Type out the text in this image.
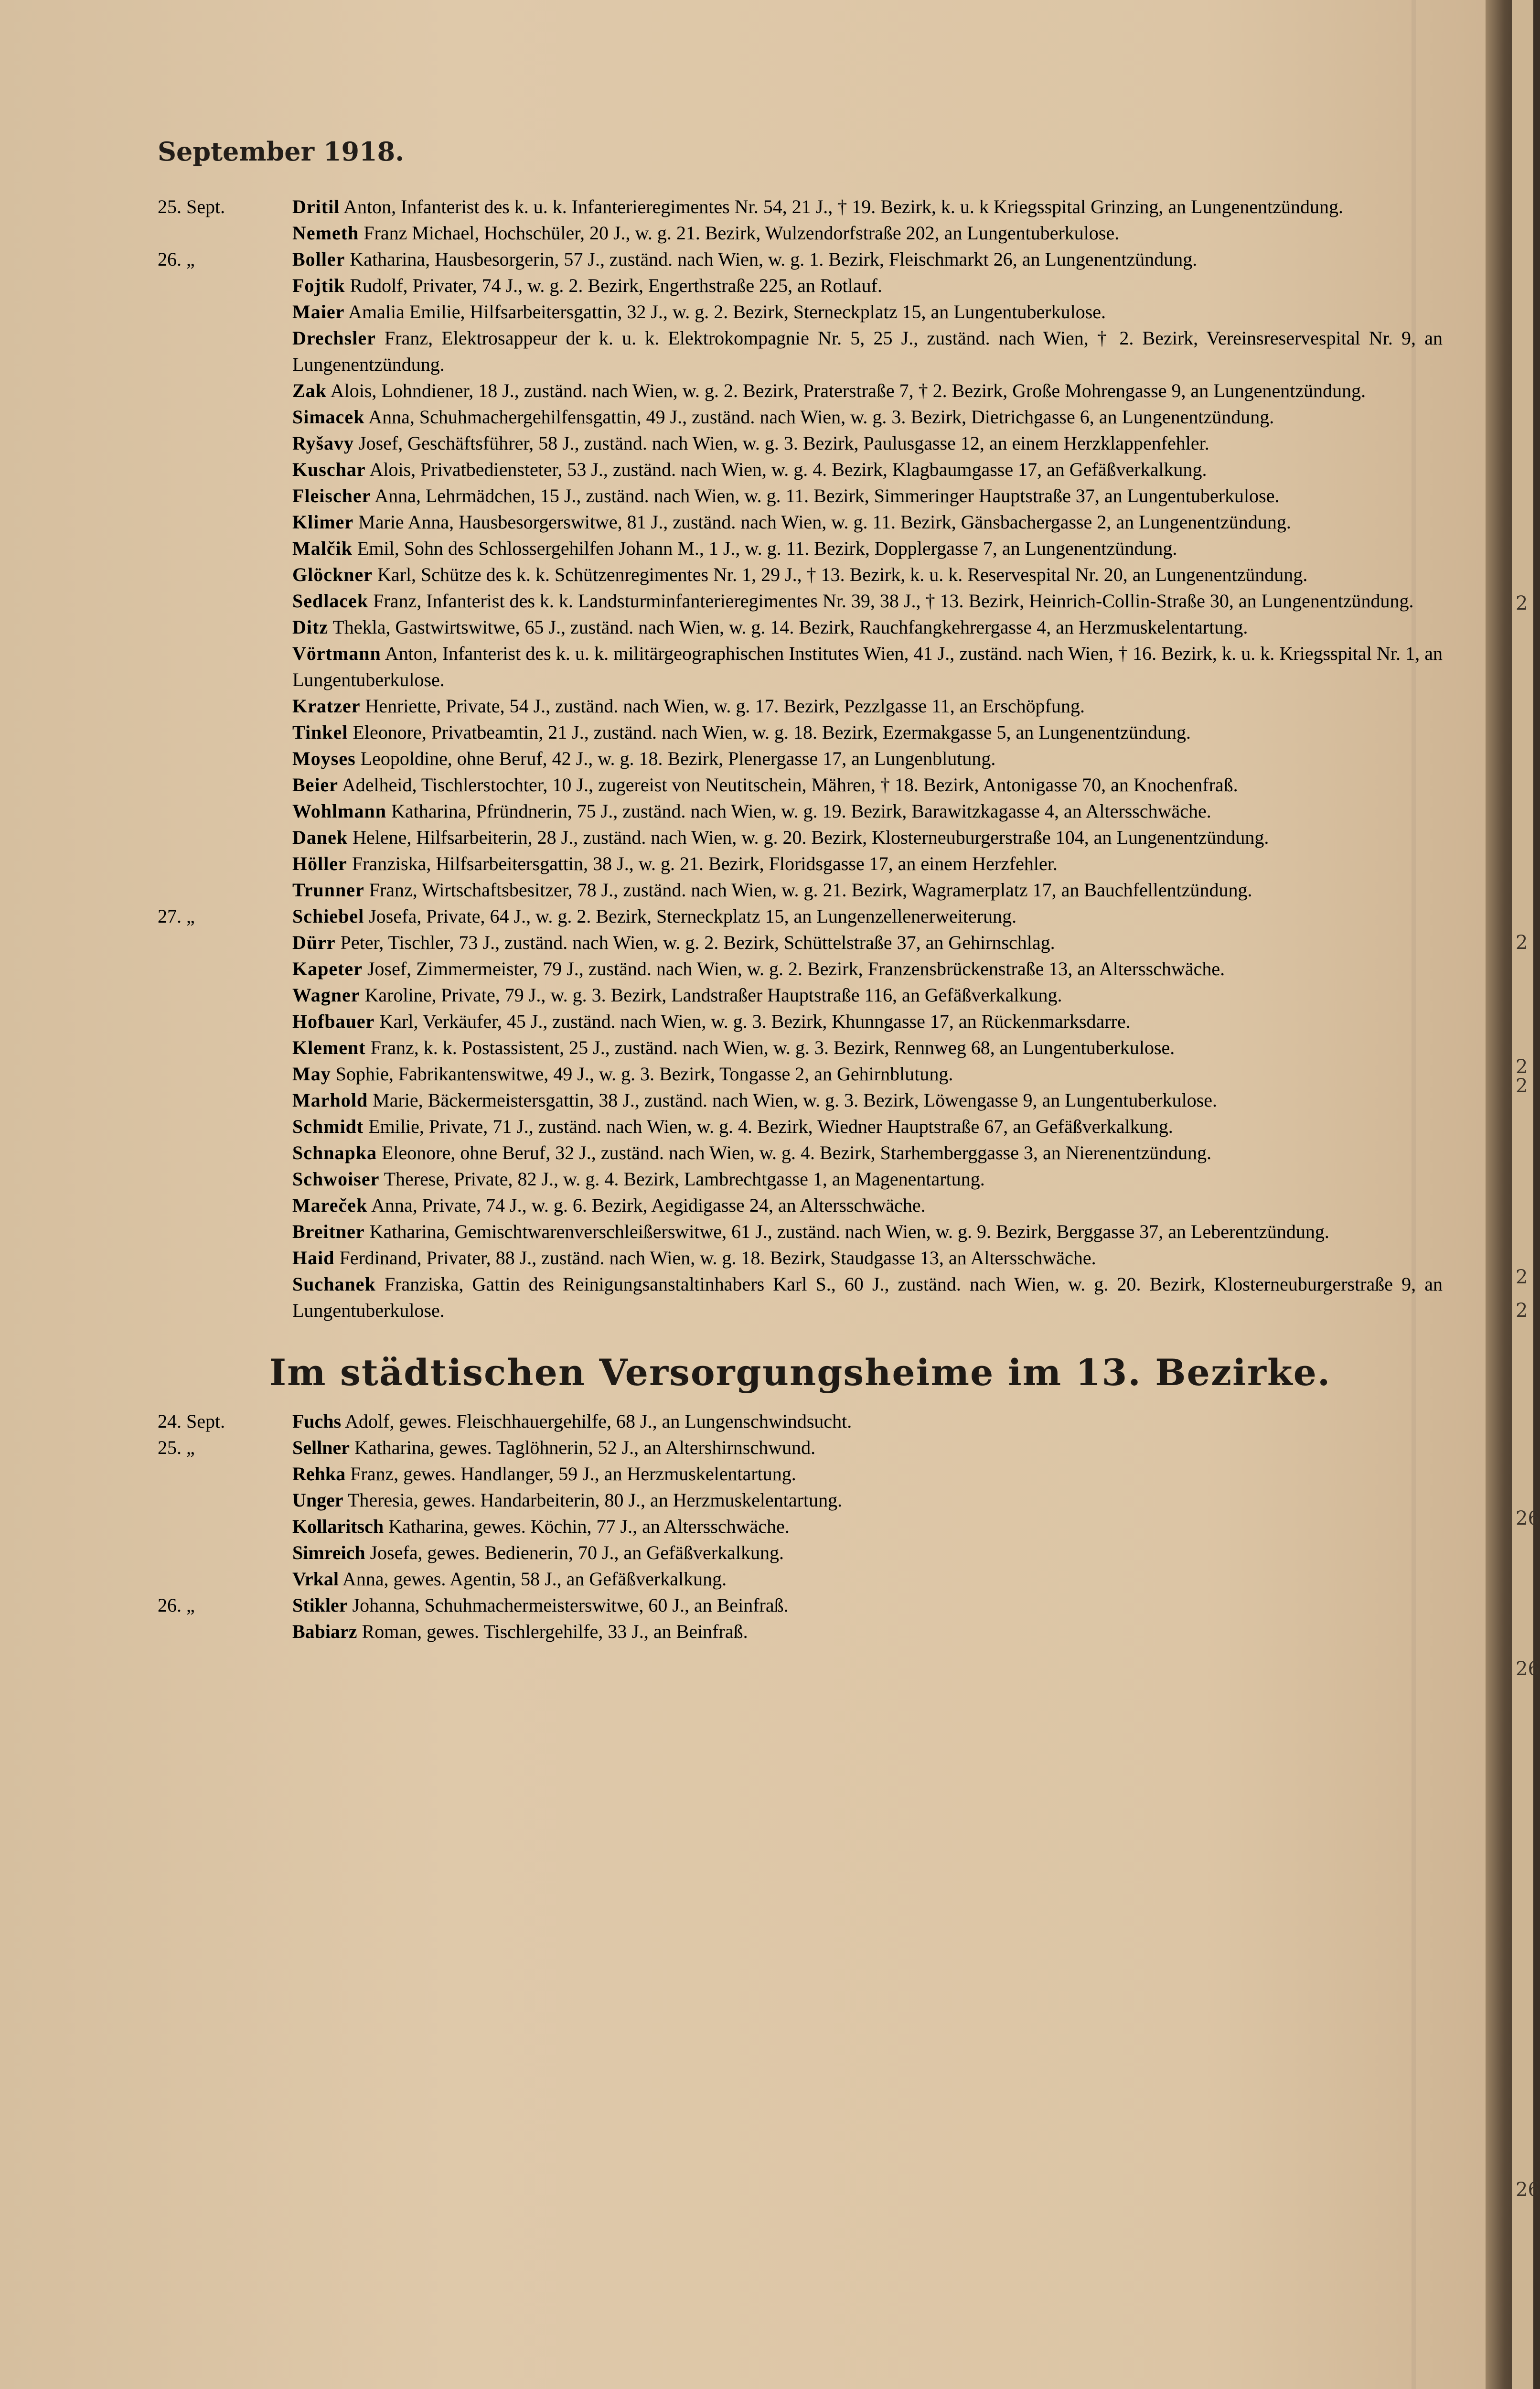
September 1918.
25. Sept.	Dritil Anton, Infanterist des k. u. k. Infanterieregimentes Nr. 54, 21 J., † 19. Bezirk, k. u. k Kriegsspital Grinzing, an Lungenentzündung.
Nemeth Franz Michael, Hochschüler, 20 J., w. g. 21. Bezirk, Wulzendorfstraße 202, an Lungentuberkulose.
26. „	Boller Katharina, Hausbesorgerin, 57 J., zuständ. nach Wien, w. g. 1. Bezirk, Fleischmarkt 26, an Lungenentzündung.
Fojtik Rudolf, Privater, 74 J., w. g. 2. Bezirk, Engerthstraße 225, an Rotlauf.
Maier Amalia Emilie, Hilfsarbeitersgattin, 32 J., w. g. 2. Bezirk, Sterneckplatz 15, an Lungentuberkulose.
Drechsler Franz, Elektrosappeur der k. u. k. Elektrokompagnie Nr. 5, 25 J., zuständ. nach Wien, † 2. Bezirk, Vereinsreservespital Nr. 9, an Lungenentzündung.
Zak Alois, Lohndiener, 18 J., zuständ. nach Wien, w. g. 2. Bezirk, Praterstraße 7, † 2. Bezirk, Große Mohrengasse 9, an Lungenentzündung.
Simacek Anna, Schuhmachergehilfensgattin, 49 J., zuständ. nach Wien, w. g. 3. Bezirk, Dietrichgasse 6, an Lungenentzündung.
Ryšavy Josef, Geschäftsführer, 58 J., zuständ. nach Wien, w. g. 3. Bezirk, Paulusgasse 12, an einem Herzklappenfehler.
Kuschar Alois, Privatbediensteter, 53 J., zuständ. nach Wien, w. g. 4. Bezirk, Klagbaumgasse 17, an Gefäßverkalkung.
Fleischer Anna, Lehrmädchen, 15 J., zuständ. nach Wien, w. g. 11. Bezirk, Simmeringer Hauptstraße 37, an Lungentuberkulose.
Klimer Marie Anna, Hausbesorgerswitwe, 81 J., zuständ. nach Wien, w. g. 11. Bezirk, Gänsbachergasse 2, an Lungenentzündung.
Malčik Emil, Sohn des Schlossergehilfen Johann M., 1 J., w. g. 11. Bezirk, Dopplergasse 7, an Lungenentzündung.
Glöckner Karl, Schütze des k. k. Schützenregimentes Nr. 1, 29 J., † 13. Bezirk, k. u. k. Reservespital Nr. 20, an Lungenentzündung.
Sedlacek Franz, Infanterist des k. k. Landsturminfanterieregimentes Nr. 39, 38 J., † 13. Bezirk, Heinrich-Collin-Straße 30, an Lungenentzündung.
Ditz Thekla, Gastwirtswitwe, 65 J., zuständ. nach Wien, w. g. 14. Bezirk, Rauchfangkehrergasse 4, an Herzmuskelentartung.
Vörtmann Anton, Infanterist des k. u. k. militärgeographischen Institutes Wien, 41 J., zuständ. nach Wien, † 16. Bezirk, k. u. k. Kriegsspital Nr. 1, an Lungentuberkulose.
Kratzer Henriette, Private, 54 J., zuständ. nach Wien, w. g. 17. Bezirk, Pezzlgasse 11, an Erschöpfung.
Tinkel Eleonore, Privatbeamtin, 21 J., zuständ. nach Wien, w. g. 18. Bezirk, Ezermakgasse 5, an Lungenentzündung.
Moyses Leopoldine, ohne Beruf, 42 J., w. g. 18. Bezirk, Plenergasse 17, an Lungenblutung.
Beier Adelheid, Tischlerstochter, 10 J., zugereist von Neutitschein, Mähren, † 18. Bezirk, Antonigasse 70, an Knochenfraß.
Wohlmann Katharina, Pfründnerin, 75 J., zuständ. nach Wien, w. g. 19. Bezirk, Barawitzkagasse 4, an Altersschwäche.
Danek Helene, Hilfsarbeiterin, 28 J., zuständ. nach Wien, w. g. 20. Bezirk, Klosterneuburgerstraße 104, an Lungenentzündung.
Höller Franziska, Hilfsarbeitersgattin, 38 J., w. g. 21. Bezirk, Floridsgasse 17, an einem Herzfehler.
Trunner Franz, Wirtschaftsbesitzer, 78 J., zuständ. nach Wien, w. g. 21. Bezirk, Wagramerplatz 17, an Bauchfellentzündung.
27. „	Schiebel Josefa, Private, 64 J., w. g. 2. Bezirk, Sterneckplatz 15, an Lungenzellenerweiterung.
Dürr Peter, Tischler, 73 J., zuständ. nach Wien, w. g. 2. Bezirk, Schüttelstraße 37, an Gehirnschlag.
Kapeter Josef, Zimmermeister, 79 J., zuständ. nach Wien, w. g. 2. Bezirk, Franzensbrückenstraße 13, an Altersschwäche.
Wagner Karoline, Private, 79 J., w. g. 3. Bezirk, Landstraßer Hauptstraße 116, an Gefäßverkalkung.
Hofbauer Karl, Verkäufer, 45 J., zuständ. nach Wien, w. g. 3. Bezirk, Khunngasse 17, an Rückenmarksdarre.
Klement Franz, k. k. Postassistent, 25 J., zuständ. nach Wien, w. g. 3. Bezirk, Rennweg 68, an Lungentuberkulose.
May Sophie, Fabrikantenswitwe, 49 J., w. g. 3. Bezirk, Tongasse 2, an Gehirnblutung.
Marhold Marie, Bäckermeistersgattin, 38 J., zuständ. nach Wien, w. g. 3. Bezirk, Löwengasse 9, an Lungentuberkulose.
Schmidt Emilie, Private, 71 J., zuständ. nach Wien, w. g. 4. Bezirk, Wiedner Hauptstraße 67, an Gefäßverkalkung.
Schnapka Eleonore, ohne Beruf, 32 J., zuständ. nach Wien, w. g. 4. Bezirk, Starhemberggasse 3, an Nierenentzündung.
Schwoiser Therese, Private, 82 J., w. g. 4. Bezirk, Lambrechtgasse 1, an Magenentartung.
Mareček Anna, Private, 74 J., w. g. 6. Bezirk, Aegidigasse 24, an Altersschwäche.
Breitner Katharina, Gemischtwarenverschleißerswitwe, 61 J., zuständ. nach Wien, w. g. 9. Bezirk, Berggasse 37, an Leberentzündung.
Haid Ferdinand, Privater, 88 J., zuständ. nach Wien, w. g. 18. Bezirk, Staudgasse 13, an Altersschwäche.
Suchanek Franziska, Gattin des Reinigungsanstaltinhabers Karl S., 60 J., zuständ. nach Wien, w. g. 20. Bezirk, Klosterneuburgerstraße 9, an Lungentuberkulose.
Im städtischen Versorgungsheime im 13. Bezirke.
24. Sept.	Fuchs Adolf, gewes. Fleischhauergehilfe, 68 J., an Lungenschwindsucht.
25. „	Sellner Katharina, gewes. Taglöhnerin, 52 J., an Altershirnschwund.
Rehka Franz, gewes. Handlanger, 59 J., an Herzmuskelentartung.
Unger Theresia, gewes. Handarbeiterin, 80 J., an Herzmuskelentartung.
Kollaritsch Katharina, gewes. Köchin, 77 J., an Altersschwäche.
Simreich Josefa, gewes. Bedienerin, 70 J., an Gefäßverkalkung.
Vrkal Anna, gewes. Agentin, 58 J., an Gefäßverkalkung.
26. „	Stikler Johanna, Schuhmachermeisterswitwe, 60 J., an Beinfraß.
Babiarz Roman, gewes. Tischlergehilfe, 33 J., an Beinfraß.
2
2
2
2
2
2
26
26
26
